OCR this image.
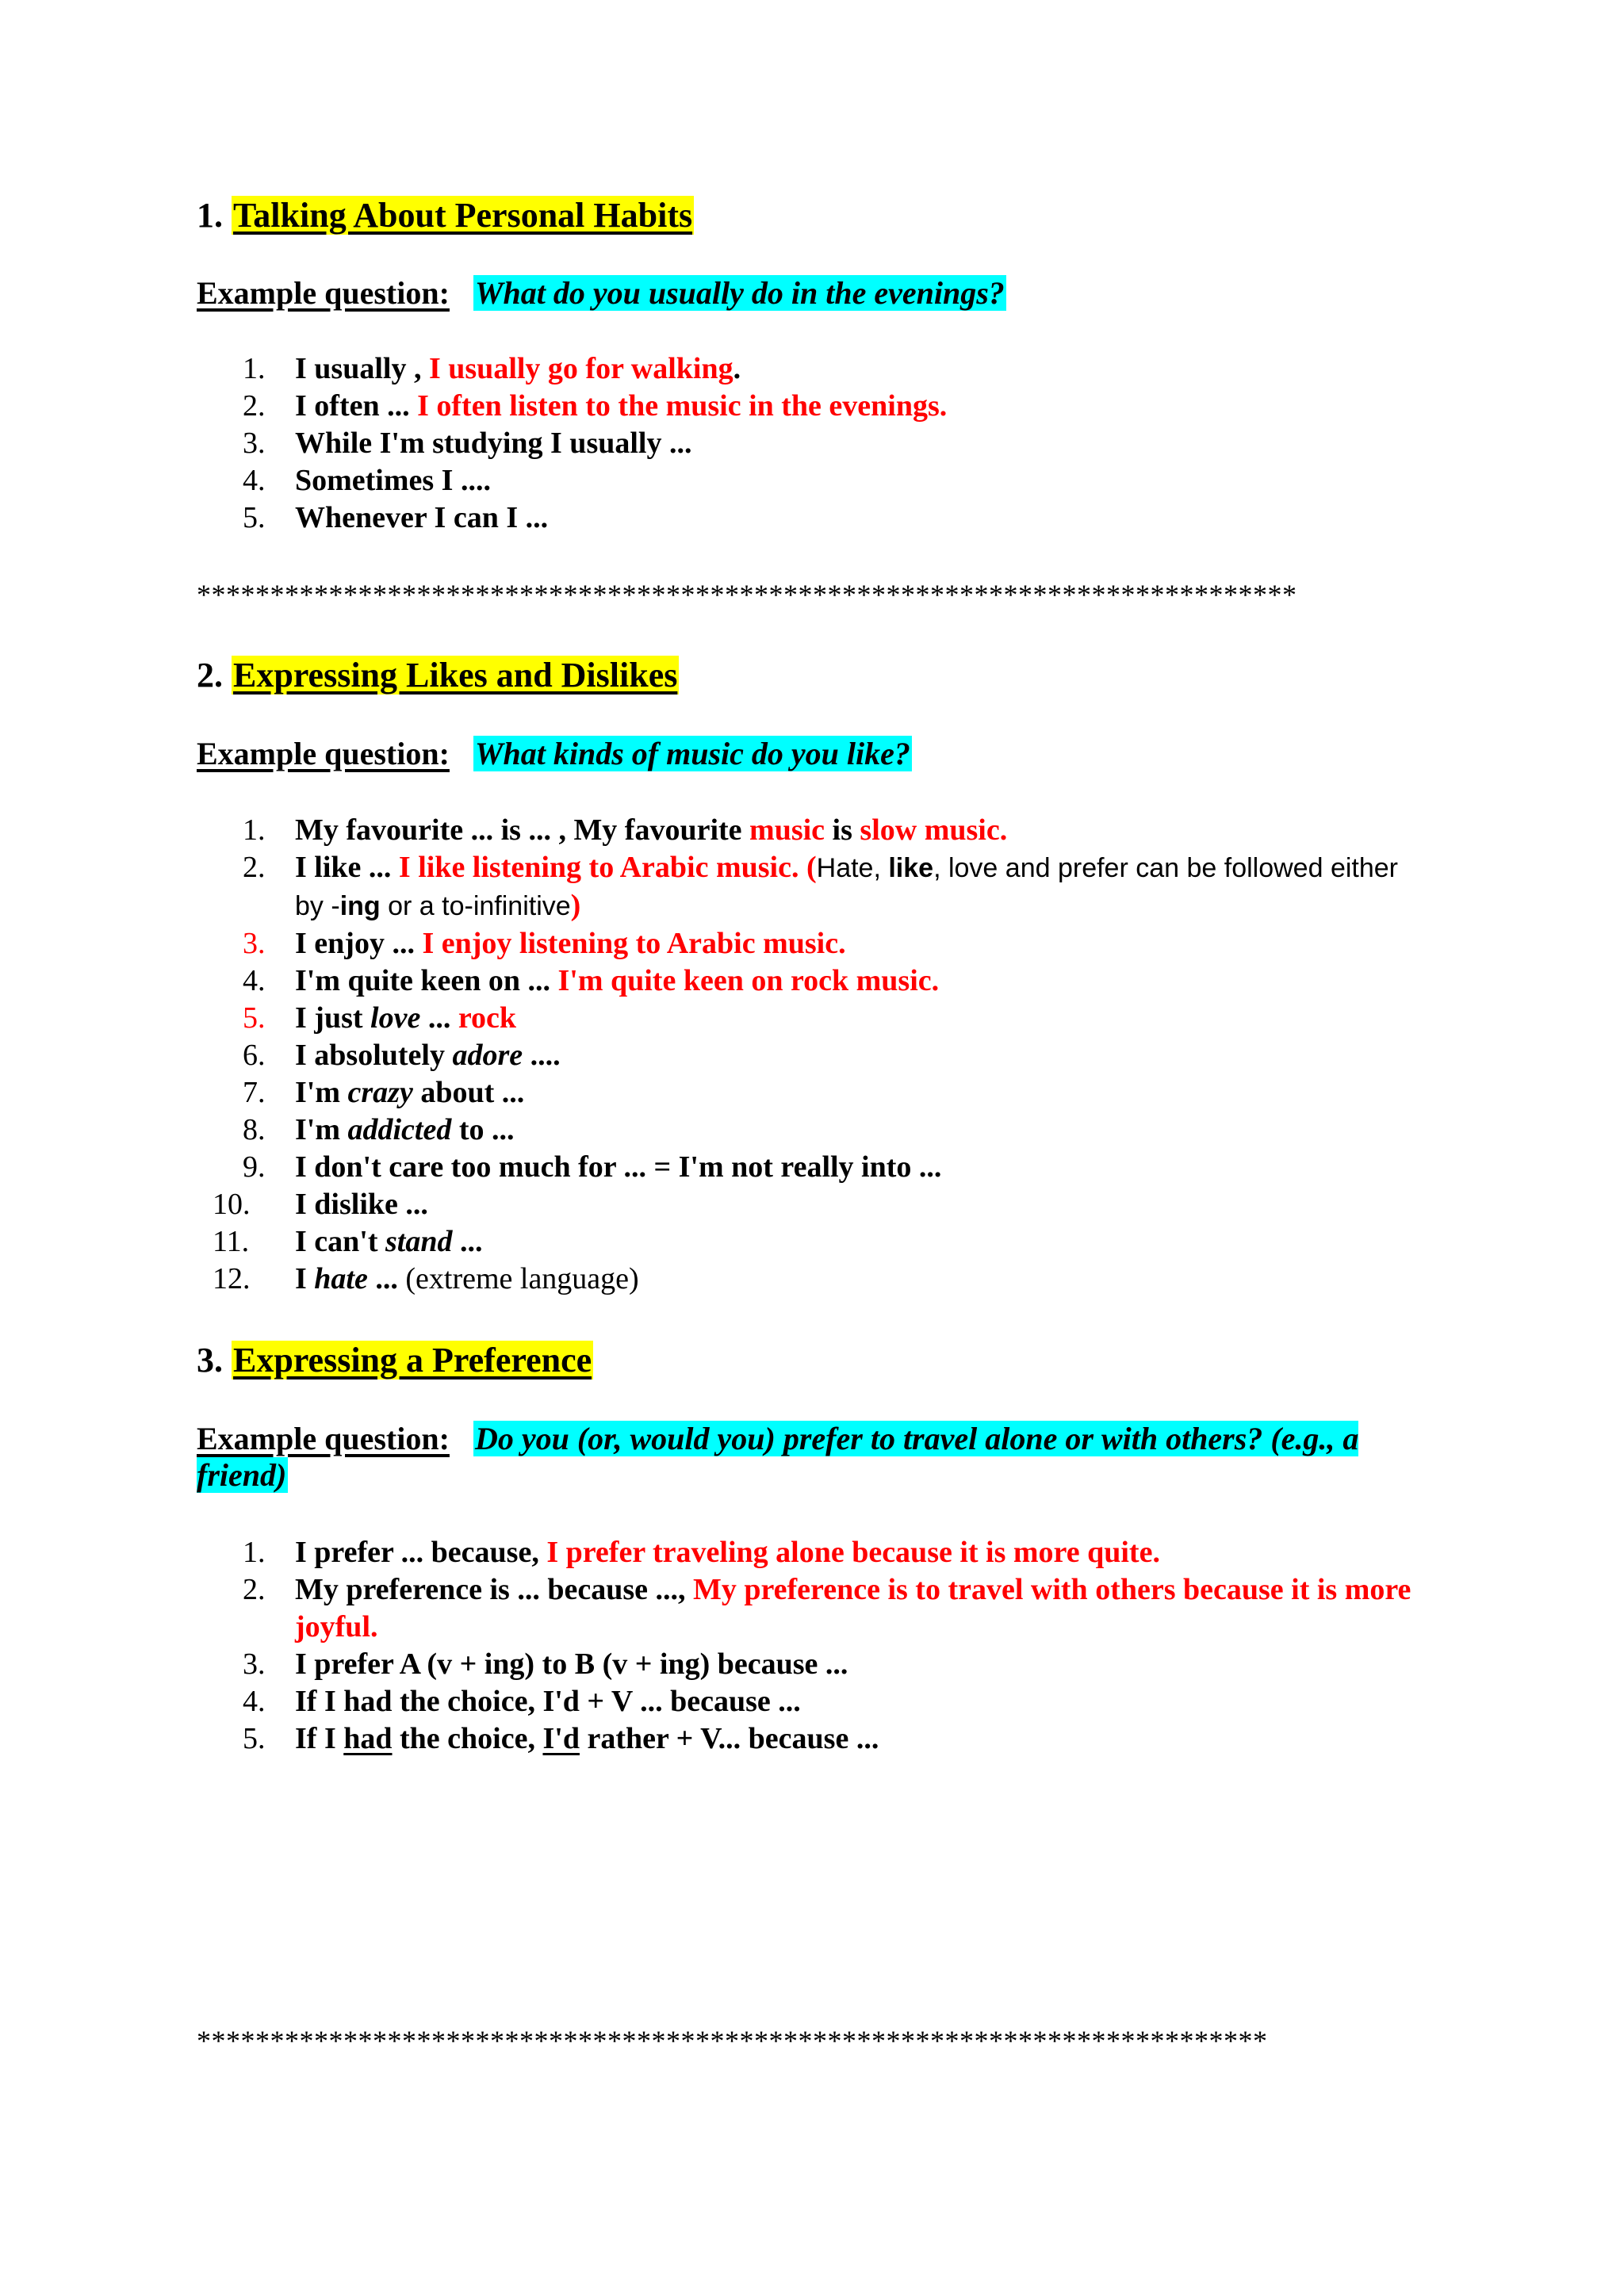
1. Talking About Personal Habits
Example question: What do you usually do in the evenings?
1. I usually , I usually go for walking.
2. I often ... I often listen to the music in the evenings.
3. While I'm studying I usually ...
4. Sometimes I ....
5. Whenever I can I ...
***************************************************************************
2. Expressing Likes and Dislikes
Example question: What kinds of music do you like?
1. My favourite ... is ... , My favourite music is slow music.
2. I like ... I like listening to Arabic music. (Hate, like, love and prefer can be followed either by -ing or a to-infinitive)
3. I enjoy ... I enjoy listening to Arabic music.
4. I'm quite keen on ... I'm quite keen on rock music.
5. I just love ... rock
6. I absolutely adore ....
7. I'm crazy about ...
8. I'm addicted to ...
9. I don't care too much for ... = I'm not really into ...
10. I dislike ...
11. I can't stand ...
12. I hate ... (extreme language)
3. Expressing a Preference
Example question: Do you (or, would you) prefer to travel alone or with others? (e.g., a friend)
1. I prefer ... because, I prefer traveling alone because it is more quite.
2. My preference is ... because ..., My preference is to travel with others because it is more joyful.
3. I prefer A (v + ing) to B (v + ing) because ...
4. If I had the choice, I'd + V ... because ...
5. If I had the choice, I'd rather + V... because ...
*************************************************************************
